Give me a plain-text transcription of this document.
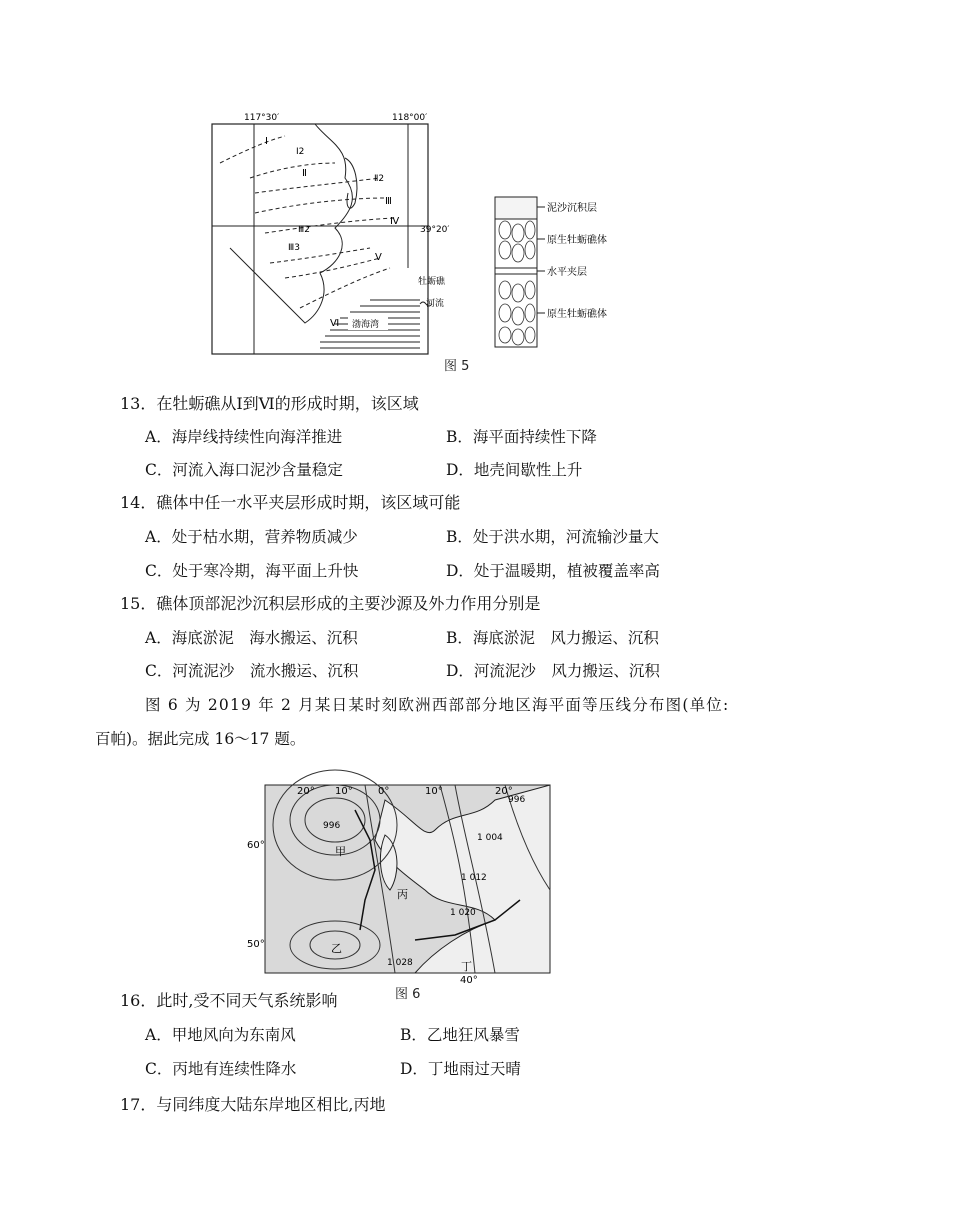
渤海湾
117°30′	118°00′
39°20′
Ⅰ
Ⅰ2
Ⅱ	Ⅱ2
Ⅲ
Ⅲ2
Ⅲ3
Ⅳ
Ⅴ
Ⅵ
牡蛎礁
河流
泥沙沉积层
原生牡蛎礁体
水平夹层
原生牡蛎礁体
图 5
13．在牡蛎礁从Ⅰ到Ⅵ的形成时期，该区域
A．海岸线持续性向海洋推进	B．海平面持续性下降
C．河流入海口泥沙含量稳定	D．地壳间歇性上升
14．礁体中任一水平夹层形成时期，该区域可能
A．处于枯水期，营养物质减少	B．处于洪水期，河流输沙量大
C．处于寒冷期，海平面上升快	D．处于温暖期，植被覆盖率高
15．礁体顶部泥沙沉积层形成的主要沙源及外力作用分别是
A．海底淤泥　海水搬运、沉积	B．海底淤泥　风力搬运、沉积
C．河流泥沙　流水搬运、沉积	D．河流泥沙　风力搬运、沉积
图 6 为 2019 年 2 月某日某时刻欧洲西部部分地区海平面等压线分布图(单位:
百帕)。据此完成 16～17 题。
20° 10°	0°	10°	20°
60°
50°
40°
996
996
1 004
1 012
1 020
1 028
甲
乙
丙
丁
图 6
16．此时,受不同天气系统影响
A．甲地风向为东南风	B．乙地狂风暴雪
C．丙地有连续性降水	D．丁地雨过天晴
17．与同纬度大陆东岸地区相比,丙地
